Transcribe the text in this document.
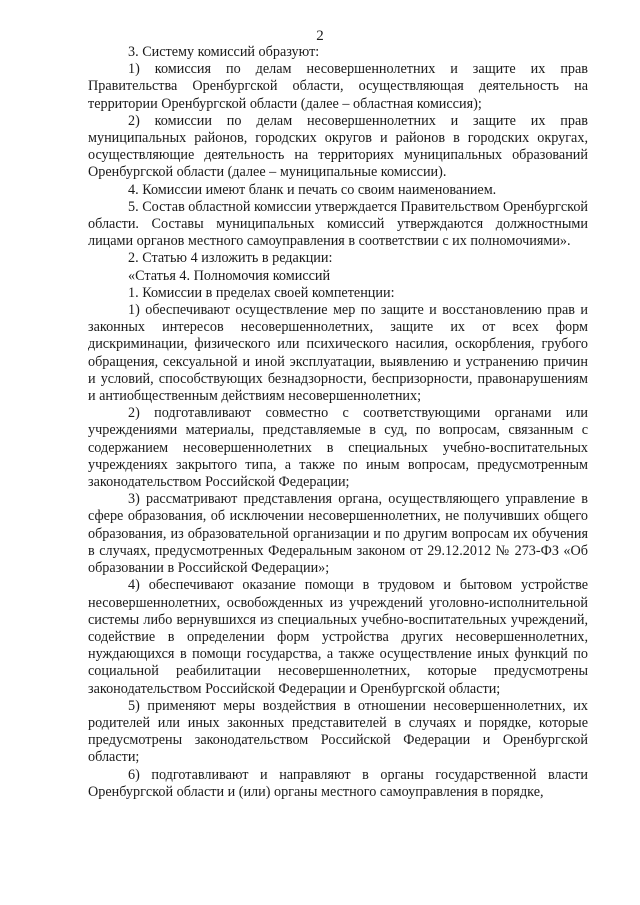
2

3. Систему комиссий образуют:

1) комиссия по делам несовершеннолетних и защите их прав Правительства Оренбургской области, осуществляющая деятельность на территории Оренбургской области (далее – областная комиссия);

2) комиссии по делам несовершеннолетних и защите их прав муниципальных районов, городских округов и районов в городских округах, осуществляющие деятельность на территориях муниципальных образований Оренбургской области (далее – муниципальные комиссии).

4. Комиссии имеют бланк и печать со своим наименованием.

5. Состав областной комиссии утверждается Правительством Оренбургской области. Составы муниципальных комиссий утверждаются должностными лицами органов местного самоуправления в соответствии с их полномочиями».

2. Статью 4 изложить в редакции:

«Статья 4. Полномочия комиссий

1. Комиссии в пределах своей компетенции:

1) обеспечивают осуществление мер по защите и восстановлению прав и законных интересов несовершеннолетних, защите их от всех форм дискриминации, физического или психического насилия, оскорбления, грубого обращения, сексуальной и иной эксплуатации, выявлению и устранению причин и условий, способствующих безнадзорности, беспризорности, правонарушениям и антиобщественным действиям несовершеннолетних;

2) подготавливают совместно с соответствующими органами или учреждениями материалы, представляемые в суд, по вопросам, связанным с содержанием несовершеннолетних в специальных учебно-воспитательных учреждениях закрытого типа, а также по иным вопросам, предусмотренным законодательством Российской Федерации;

3) рассматривают представления органа, осуществляющего управление в сфере образования, об исключении несовершеннолетних, не получивших общего образования, из образовательной организации и по другим вопросам их обучения в случаях, предусмотренных Федеральным законом от 29.12.2012 № 273-ФЗ «Об образовании в Российской Федерации»;

4) обеспечивают оказание помощи в трудовом и бытовом устройстве несовершеннолетних, освобожденных из учреждений уголовно-исполнительной системы либо вернувшихся из специальных учебно-воспитательных учреждений, содействие в определении форм устройства других несовершеннолетних, нуждающихся в помощи государства, а также осуществление иных функций по социальной реабилитации несовершеннолетних, которые предусмотрены законодательством Российской Федерации и Оренбургской области;

5) применяют меры воздействия в отношении несовершеннолетних, их родителей или иных законных представителей в случаях и порядке, которые предусмотрены законодательством Российской Федерации и Оренбургской области;

6) подготавливают и направляют в органы государственной власти Оренбургской области и (или) органы местного самоуправления в порядке,
